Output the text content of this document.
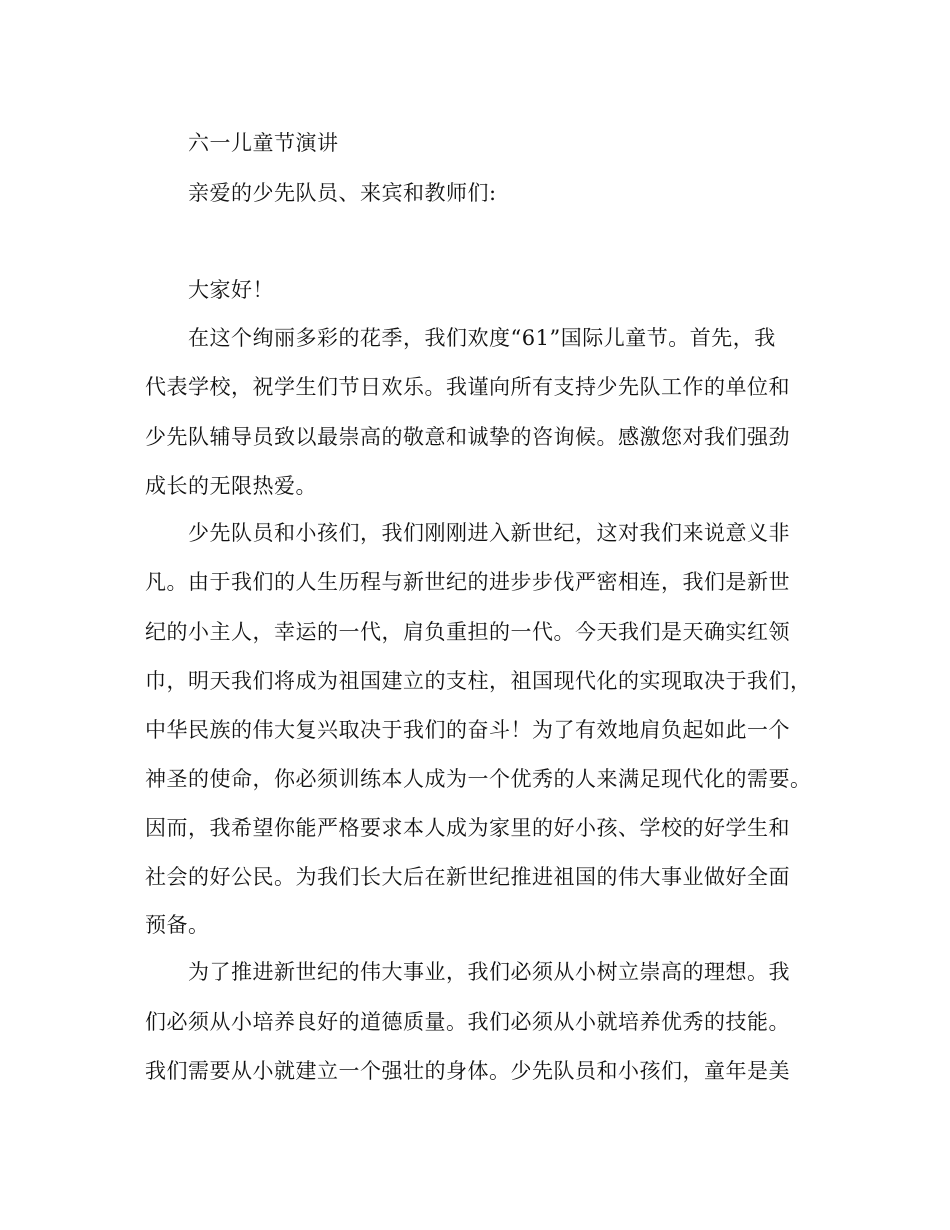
六一儿童节演讲

亲爱的少先队员、来宾和教师们:

大家好！

在这个绚丽多彩的花季，我们欢度“61”国际儿童节。首先，我

代表学校，祝学生们节日欢乐。我谨向所有支持少先队工作的单位和

少先队辅导员致以最崇高的敬意和诚挚的咨询候。感激您对我们强劲

成长的无限热爱。

少先队员和小孩们，我们刚刚进入新世纪，这对我们来说意义非

凡。由于我们的人生历程与新世纪的进步步伐严密相连，我们是新世

纪的小主人，幸运的一代，肩负重担的一代。今天我们是天确实红领

巾，明天我们将成为祖国建立的支柱，祖国现代化的实现取决于我们，

中华民族的伟大复兴取决于我们的奋斗！为了有效地肩负起如此一个

神圣的使命，你必须训练本人成为一个优秀的人来满足现代化的需要。

因而，我希望你能严格要求本人成为家里的好小孩、学校的好学生和

社会的好公民。为我们长大后在新世纪推进祖国的伟大事业做好全面

预备。

为了推进新世纪的伟大事业，我们必须从小树立崇高的理想。我

们必须从小培养良好的道德质量。我们必须从小就培养优秀的技能。

我们需要从小就建立一个强壮的身体。少先队员和小孩们，童年是美
